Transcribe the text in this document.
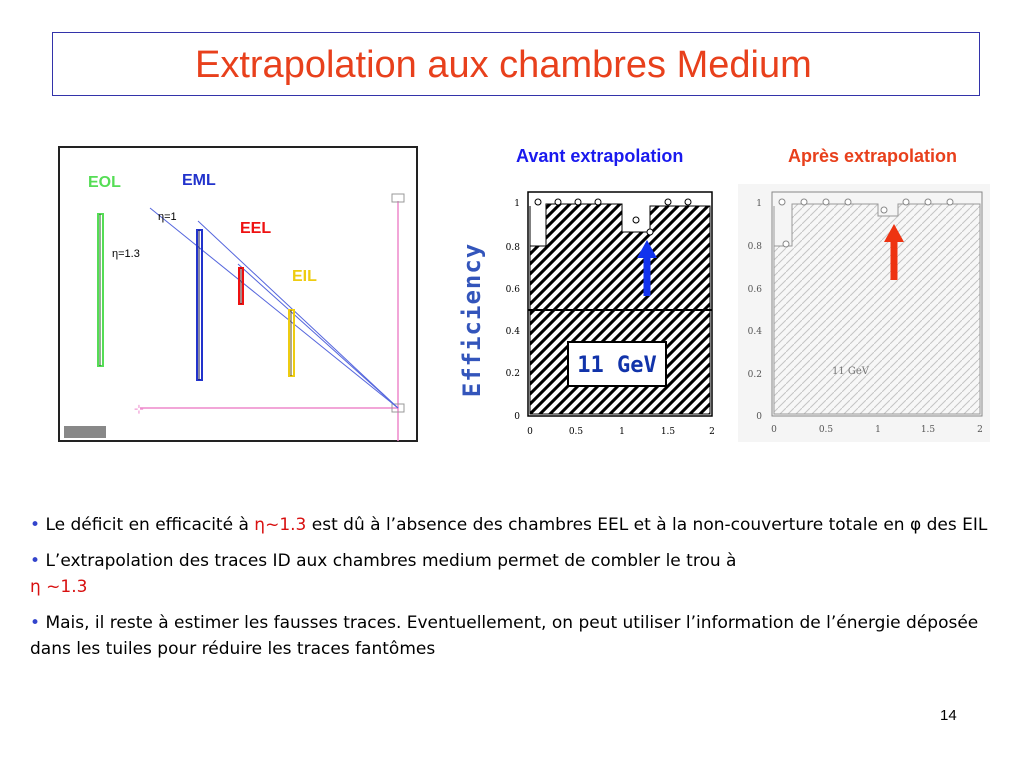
Extrapolation aux chambres Medium
⊹
EOL	EML
EEL
EIL
η=1
η=1.3
Avant extrapolation	Après extrapolation
Efficiency	11 GeV
0
0.2
0.4
0.6
0.8
1
0	0.5	1	1.5	2
11 GeV
0
0.2
0.4
0.6
0.8
1
0	0.5	1	1.5	2
• Le déficit en efficacité à η~1.3 est dû à l’absence des chambres EEL et à la non-couverture totale en φ des EIL
• L’extrapolation des traces ID aux chambres medium permet de combler le trou à
η ~1.3
• Mais, il reste à estimer les fausses traces. Eventuellement, on peut utiliser l’information de l’énergie déposée dans les tuiles pour réduire les traces fantômes
14
